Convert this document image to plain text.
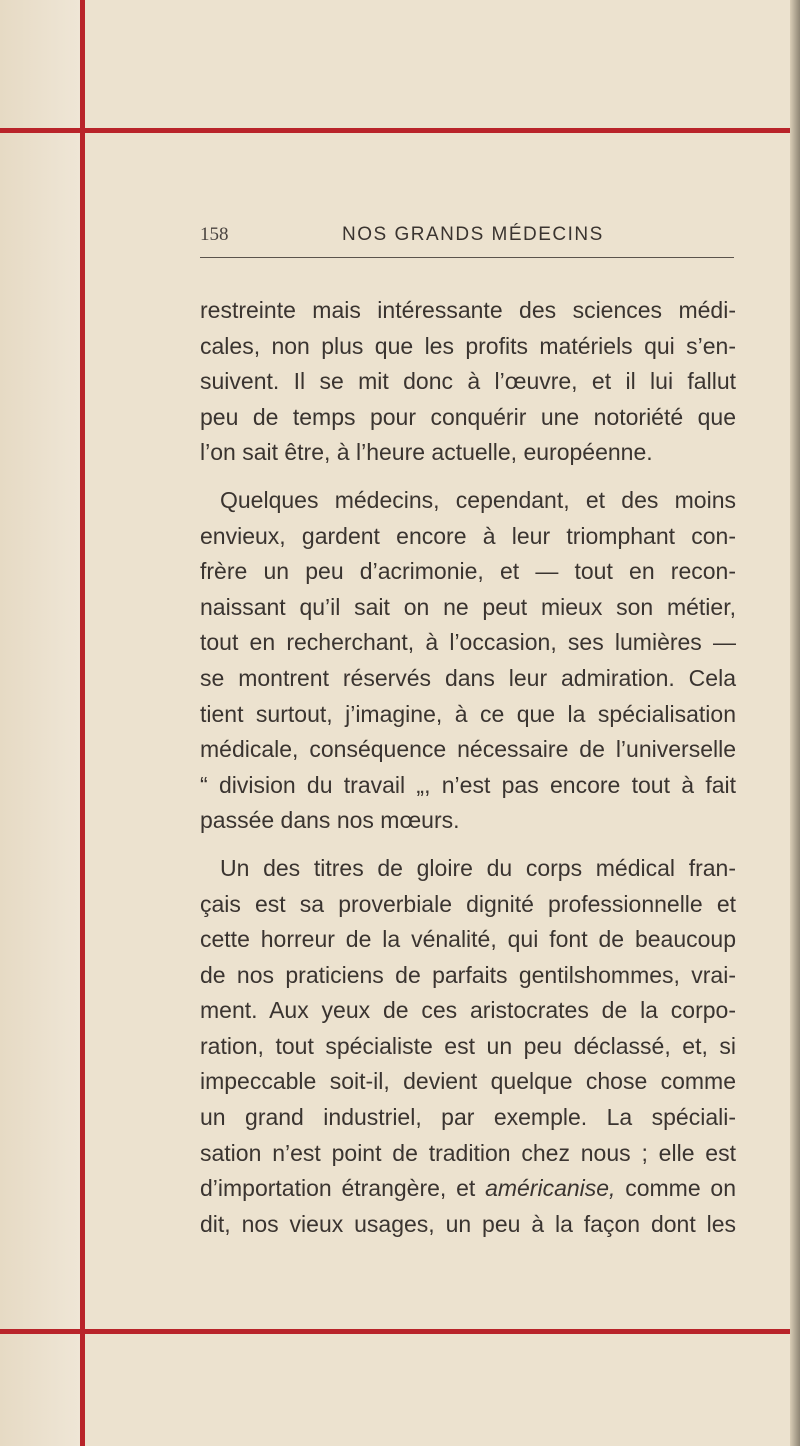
158	NOS GRANDS MÉDECINS
restreinte mais intéressante des sciences médi-
cales, non plus que les profits matériels qui s’en-
suivent. Il se mit donc à l’œuvre, et il lui fallut
peu de temps pour conquérir une notoriété que
l’on sait être, à l’heure actuelle, européenne.
Quelques médecins, cependant, et des moins
envieux, gardent encore à leur triomphant con-
frère un peu d’acrimonie, et — tout en recon-
naissant qu’il sait on ne peut mieux son métier,
tout en recherchant, à l’occasion, ses lumières —
se montrent réservés dans leur admiration. Cela
tient surtout, j’imagine, à ce que la spécialisation
médicale, conséquence nécessaire de l’universelle
“ division du travail „, n’est pas encore tout à fait
passée dans nos mœurs.
Un des titres de gloire du corps médical fran-
çais est sa proverbiale dignité professionnelle et
cette horreur de la vénalité, qui font de beaucoup
de nos praticiens de parfaits gentilshommes, vrai-
ment. Aux yeux de ces aristocrates de la corpo-
ration, tout spécialiste est un peu déclassé, et, si
impeccable soit-il, devient quelque chose comme
un grand industriel, par exemple. La spéciali-
sation n’est point de tradition chez nous ; elle est
d’importation étrangère, et américanise, comme on
dit, nos vieux usages, un peu à la façon dont les
